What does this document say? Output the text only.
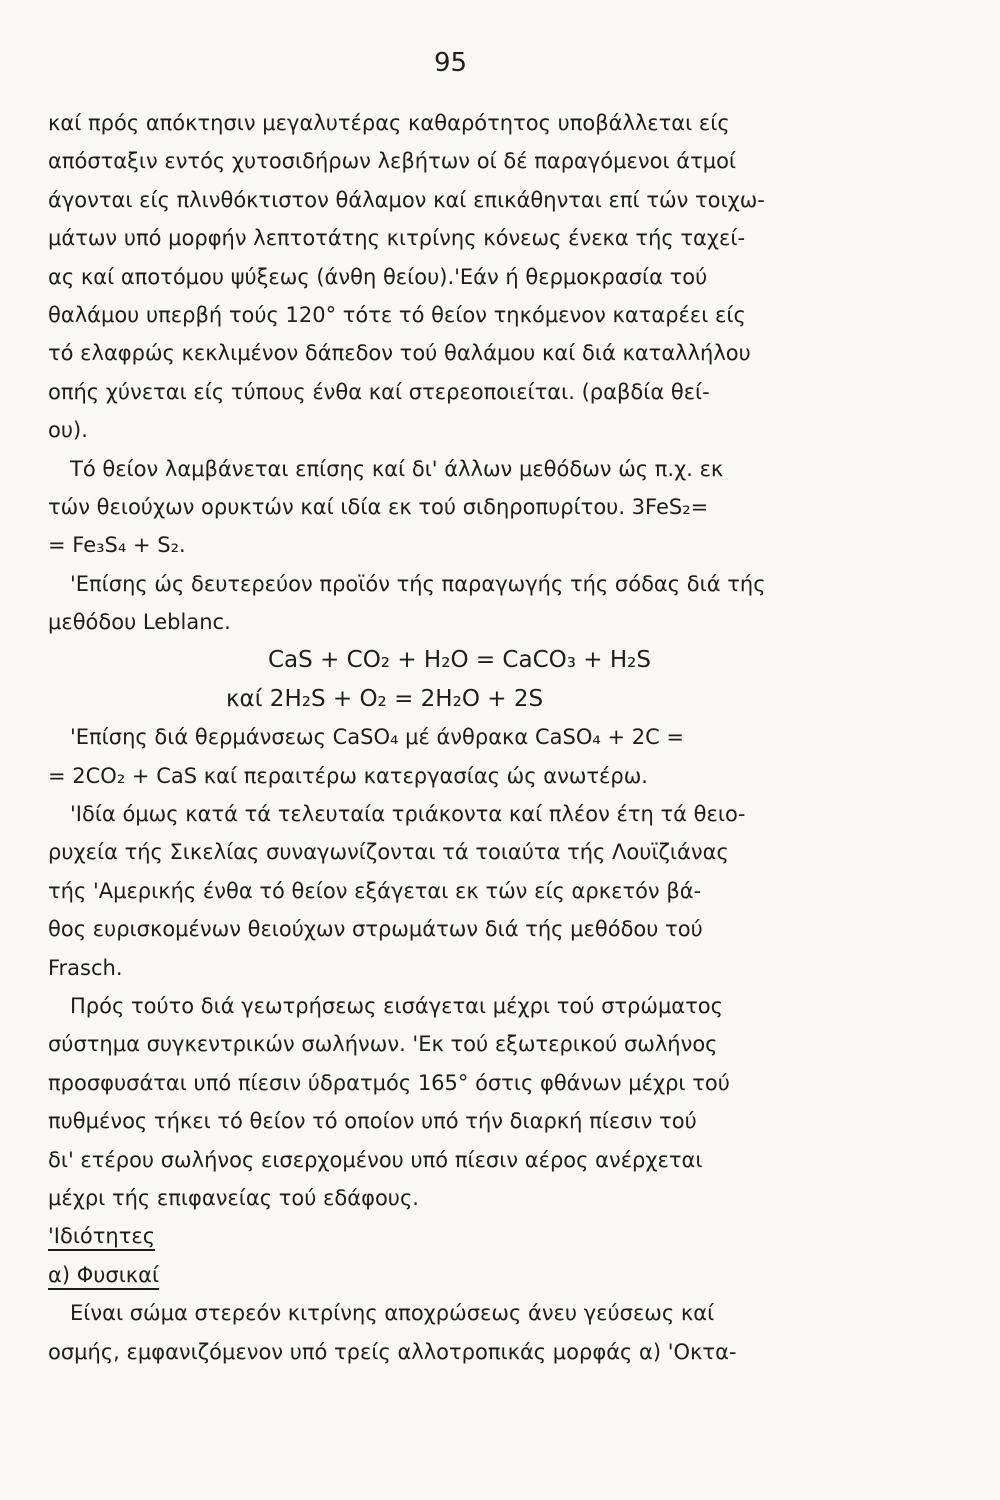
95
καί πρός απόκτησιν μεγαλυτέρας καθαρότητος υποβάλλεται είς
απόσταξιν εντός χυτοσιδήρων λεβήτων οί δέ παραγόμενοι άτμοί
άγονται είς πλινθόκτιστον θάλαμον καί επικάθηνται επί τών τοιχω-
μάτων υπό μορφήν λεπτοτάτης κιτρίνης κόνεως ένεκα τής ταχεί-
ας καί αποτόμου ψύξεως (άνθη θείου).'Εάν ή θερμοκρασία τού
θαλάμου υπερβή τούς 120° τότε τό θείον τηκόμενον καταρέει είς
τό ελαφρώς κεκλιμένον δάπεδον τού θαλάμου καί διά καταλλήλου
οπής χύνεται είς τύπους ένθα καί στερεοποιείται. (ραβδία θεί-
ου).
Τό θείον λαμβάνεται επίσης καί δι' άλλων μεθόδων ώς π.χ. εκ
τών θειούχων ορυκτών καί ιδία εκ τού σιδηροπυρίτου. 3FeS₂=
= Fe₃S₄ + S₂.
'Επίσης ώς δευτερεύον προϊόν τής παραγωγής τής σόδας διά τής
μεθόδου Leblanc.
CaS + CO₂ + H₂O = CaCO₃ + H₂S
καί 2H₂S + O₂ = 2H₂O + 2S
'Επίσης διά θερμάνσεως CaSO₄ μέ άνθρακα CaSO₄ + 2C =
= 2CO₂ + CaS καί περαιτέρω κατεργασίας ώς ανωτέρω.
'Ιδία όμως κατά τά τελευταία τριάκοντα καί πλέον έτη τά θειο-
ρυχεία τής Σικελίας συναγωνίζονται τά τοιαύτα τής Λουϊζιάνας
τής 'Αμερικής ένθα τό θείον εξάγεται εκ τών είς αρκετόν βά-
θος ευρισκομένων θειούχων στρωμάτων διά τής μεθόδου τού
Frasch.
Πρός τούτο διά γεωτρήσεως εισάγεται μέχρι τού στρώματος
σύστημα συγκεντρικών σωλήνων. 'Εκ τού εξωτερικού σωλήνος
προσφυσάται υπό πίεσιν ύδρατμός 165° όστις φθάνων μέχρι τού
πυθμένος τήκει τό θείον τό οποίον υπό τήν διαρκή πίεσιν τού
δι' ετέρου σωλήνος εισερχομένου υπό πίεσιν αέρος ανέρχεται
μέχρι τής επιφανείας τού εδάφους.
'Ιδιότητες
α) Φυσικαί
Είναι σώμα στερεόν κιτρίνης αποχρώσεως άνευ γεύσεως καί
οσμής, εμφανιζόμενον υπό τρείς αλλοτροπικάς μορφάς α) 'Οκτα-
